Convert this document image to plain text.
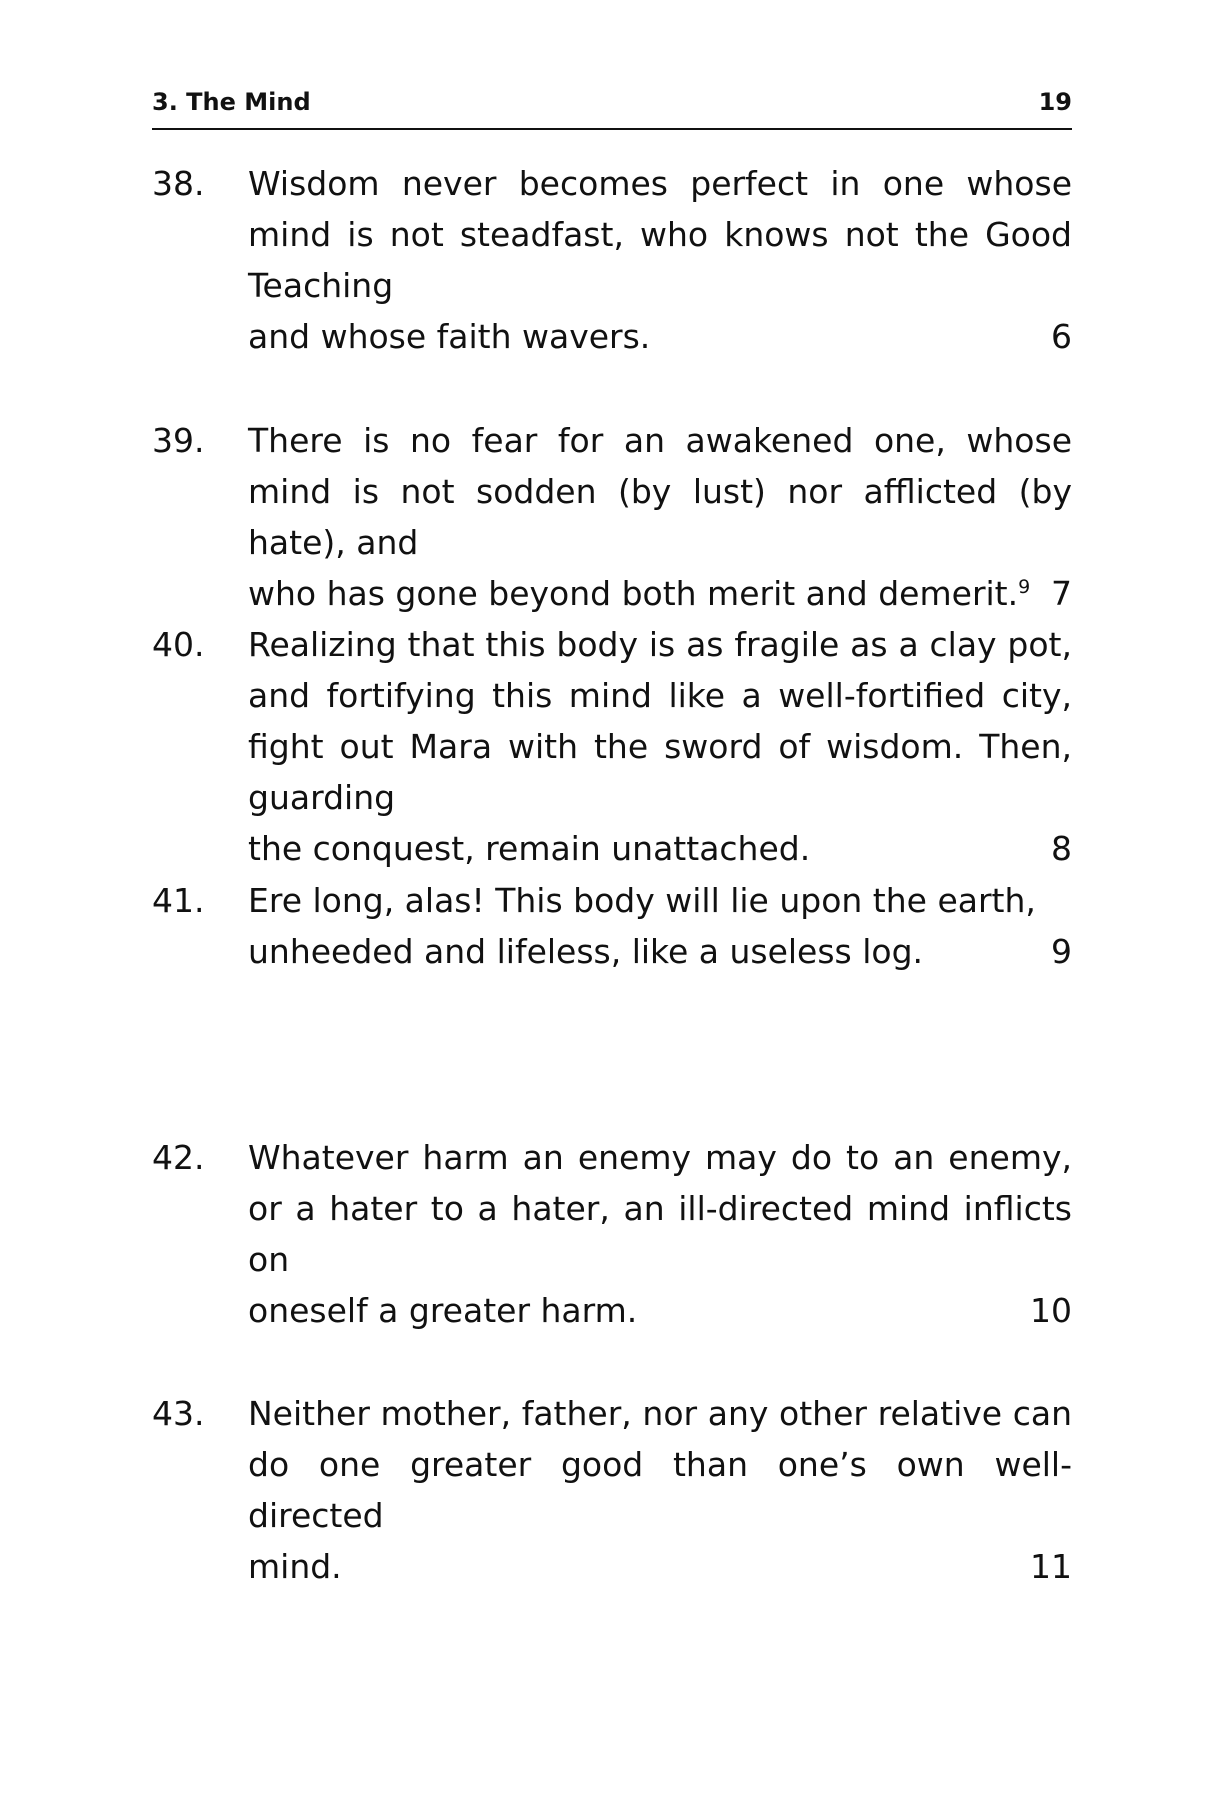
3. The Mind	19
38. Wisdom never becomes perfect in one whose mind is not steadfast, who knows not the Good Teaching
and whose faith wavers.	6
39. There is no fear for an awakened one, whose mind is not sodden (by lust) nor afflicted (by hate), and
who has gone beyond both merit and demerit.$^9$ 7
40. Realizing that this body is as fragile as a clay pot, and fortifying this mind like a well-fortified city, fight out Mara with the sword of wisdom. Then, guarding
the conquest, remain unattached.	8
41. Ere long, alas! This body will lie upon the earth,
unheeded and lifeless, like a useless log.	9
42. Whatever harm an enemy may do to an enemy, or a hater to a hater, an ill-directed mind inflicts on
oneself a greater harm.	10
43. Neither mother, father, nor any other relative can do one greater good than one’s own well-directed
mind.	11
